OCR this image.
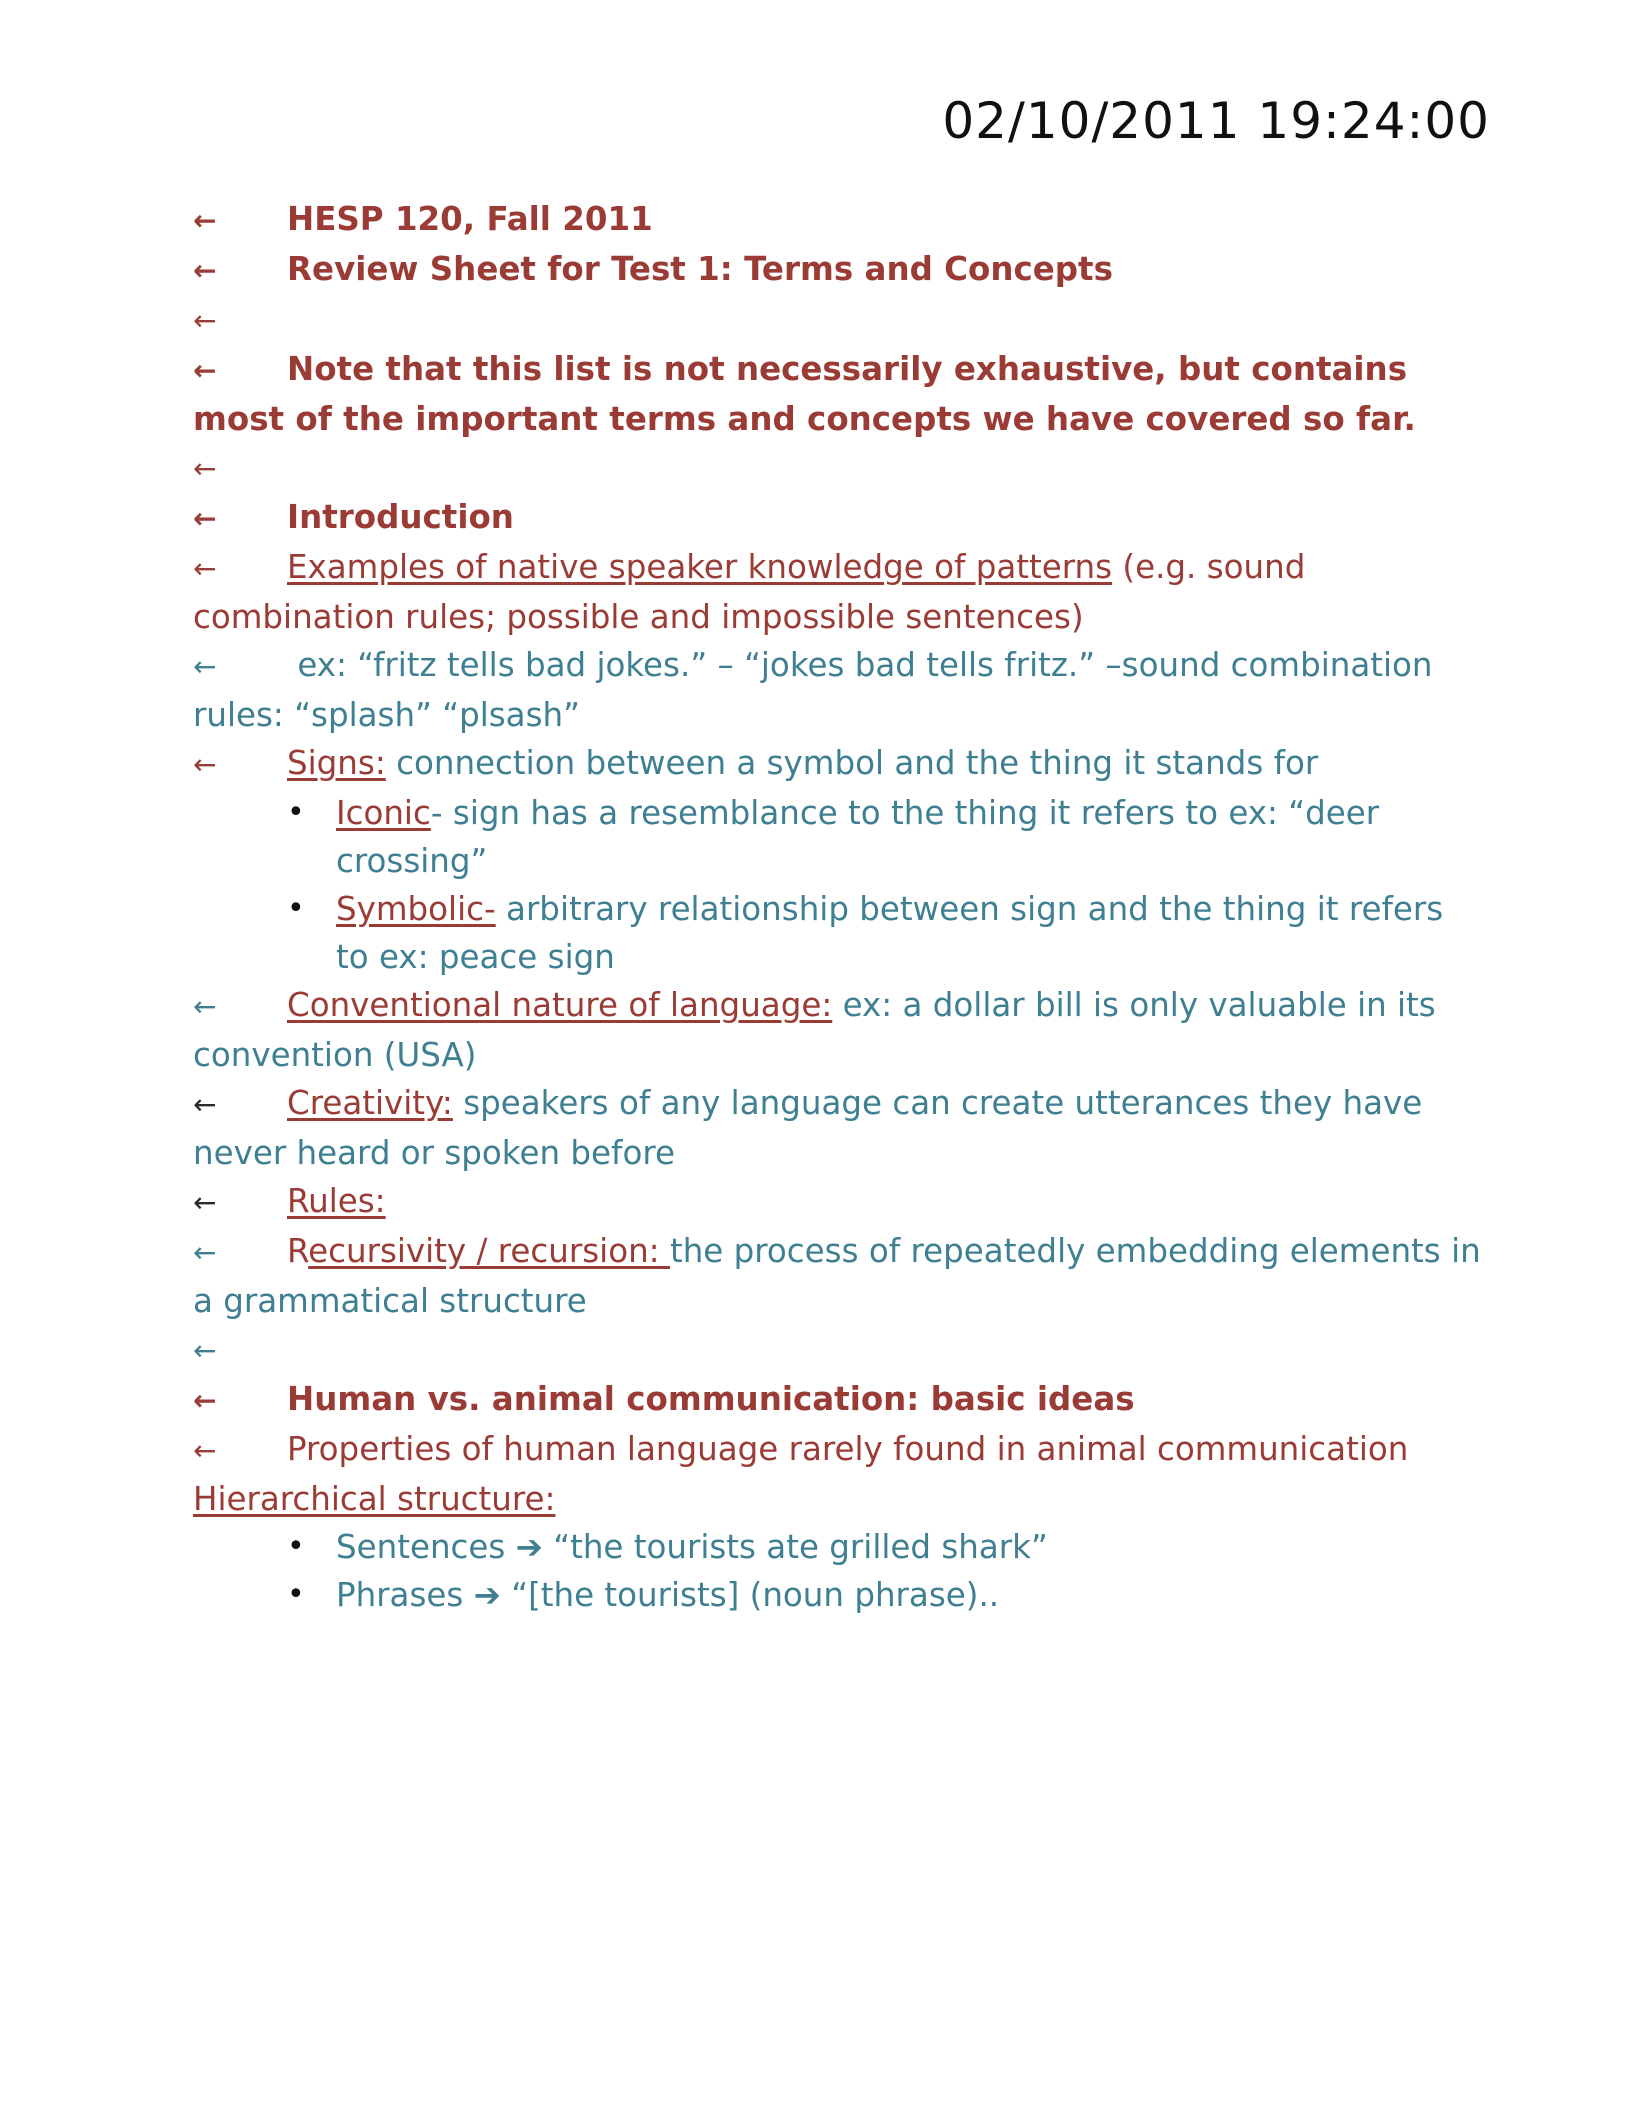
02/10/2011 19:24:00

← HESP 120, Fall 2011

← Review Sheet for Test 1: Terms and Concepts

←

← Note that this list is not necessarily exhaustive, but contains most of the important terms and concepts we have covered so far.

←

← Introduction

← Examples of native speaker knowledge of patterns (e.g. sound combination rules; possible and impossible sentences)

← ex: “fritz tells bad jokes.” – “jokes bad tells fritz.” –sound combination rules: “splash” “plsash”

← Signs: connection between a symbol and the thing it stands for

• Iconic- sign has a resemblance to the thing it refers to ex: “deer crossing”
• Symbolic- arbitrary relationship between sign and the thing it refers to ex: peace sign

← Conventional nature of language: ex: a dollar bill is only valuable in its convention (USA)

← Creativity: speakers of any language can create utterances they have never heard or spoken before

← Rules:

← Recursivity / recursion: the process of repeatedly embedding elements in a grammatical structure

←

← Human vs. animal communication: basic ideas

← Properties of human language rarely found in animal communication

Hierarchical structure:

• Sentences ➔ “the tourists ate grilled shark”
• Phrases ➔ “[the tourists] (noun phrase)..
